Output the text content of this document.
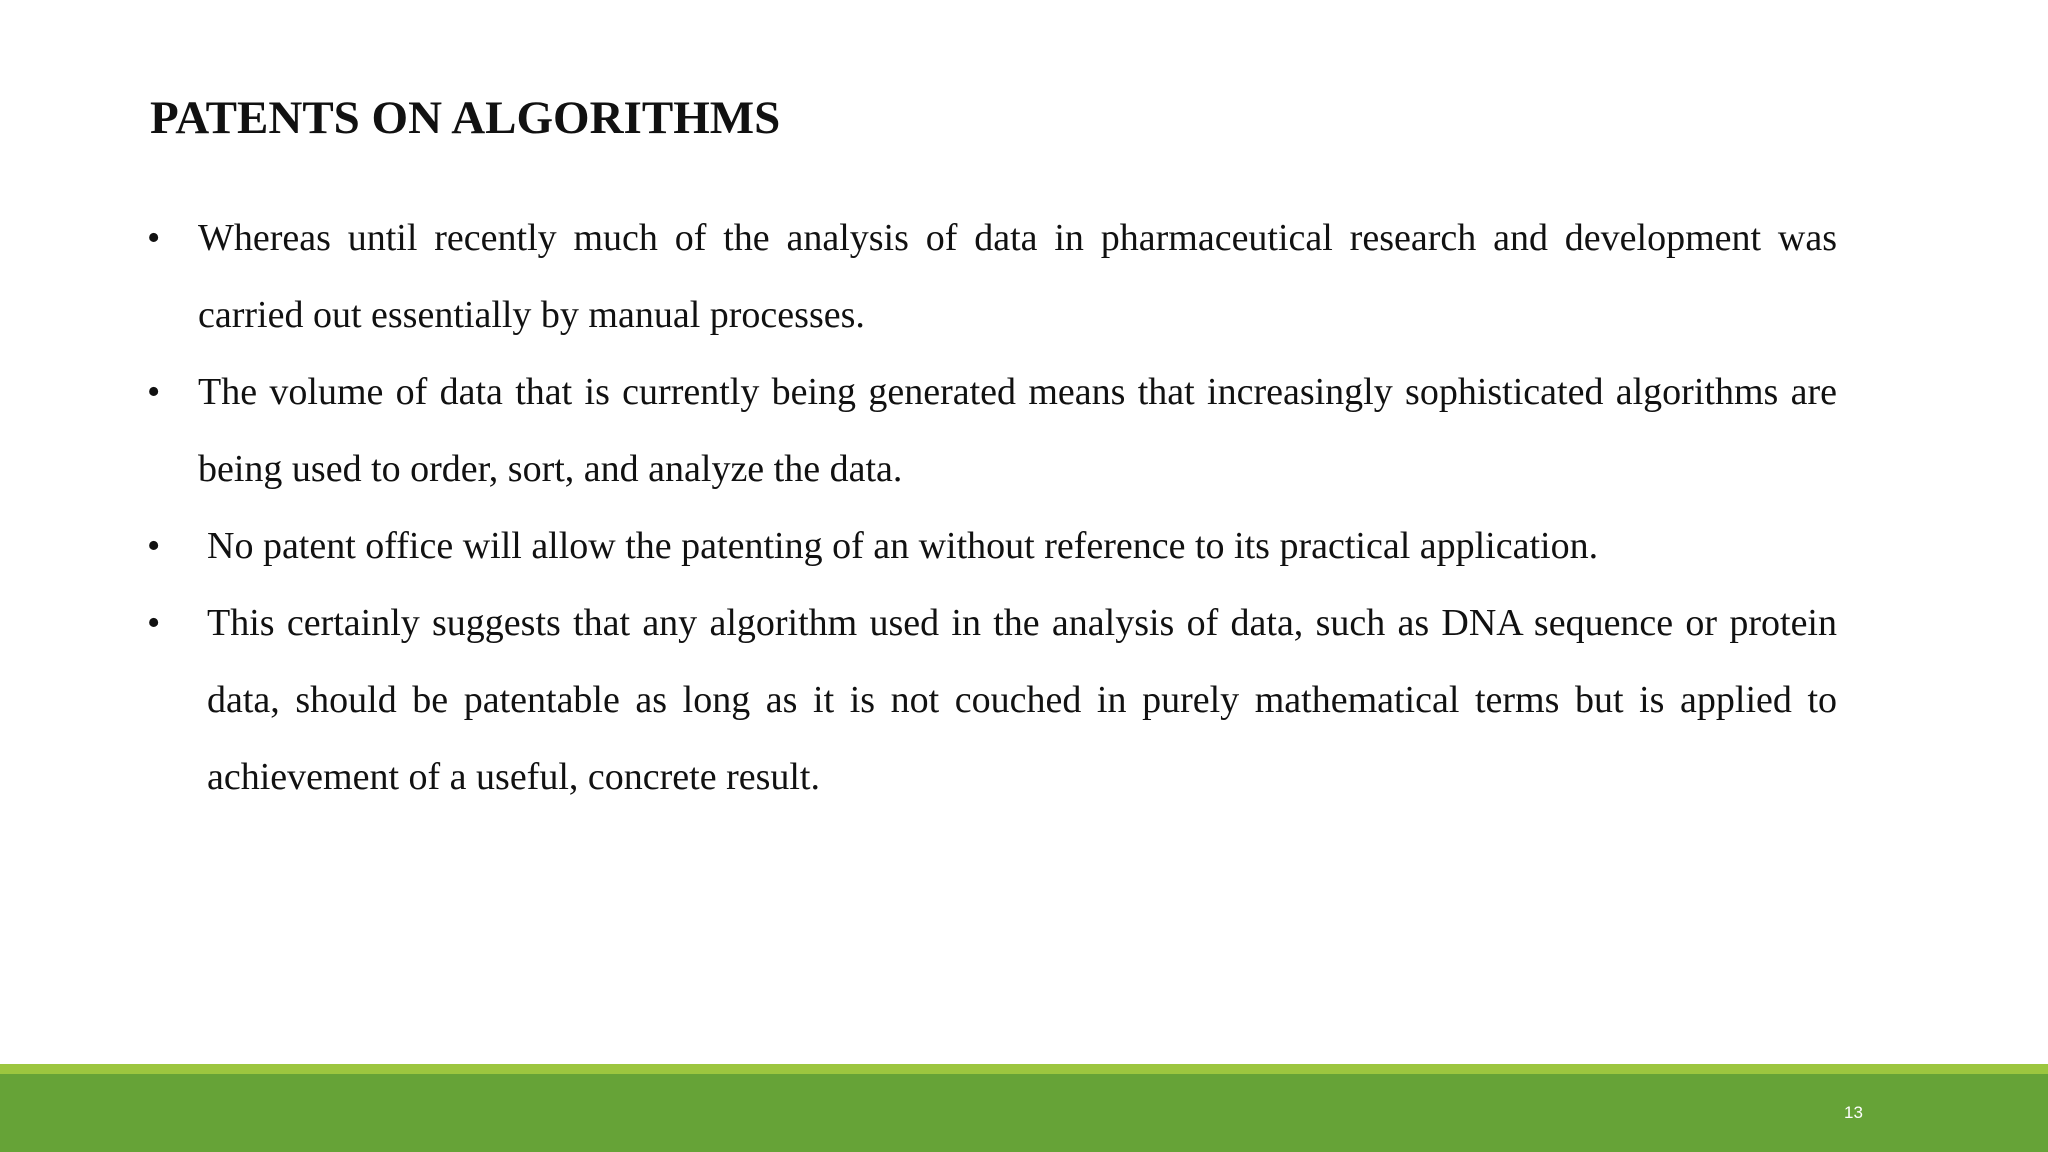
PATENTS ON ALGORITHMS
• Whereas until recently much of the analysis of data in pharmaceutical research and development was carried out essentially by manual processes.
• The volume of data that is currently being generated means that increasingly sophisticated algorithms are being used to order, sort, and analyze the data.
• No patent office will allow the patenting of an without reference to its practical application.
• This certainly suggests that any algorithm used in the analysis of data, such as DNA sequence or protein data, should be patentable as long as it is not couched in purely mathematical terms but is applied to achievement of a useful, concrete result.
13
